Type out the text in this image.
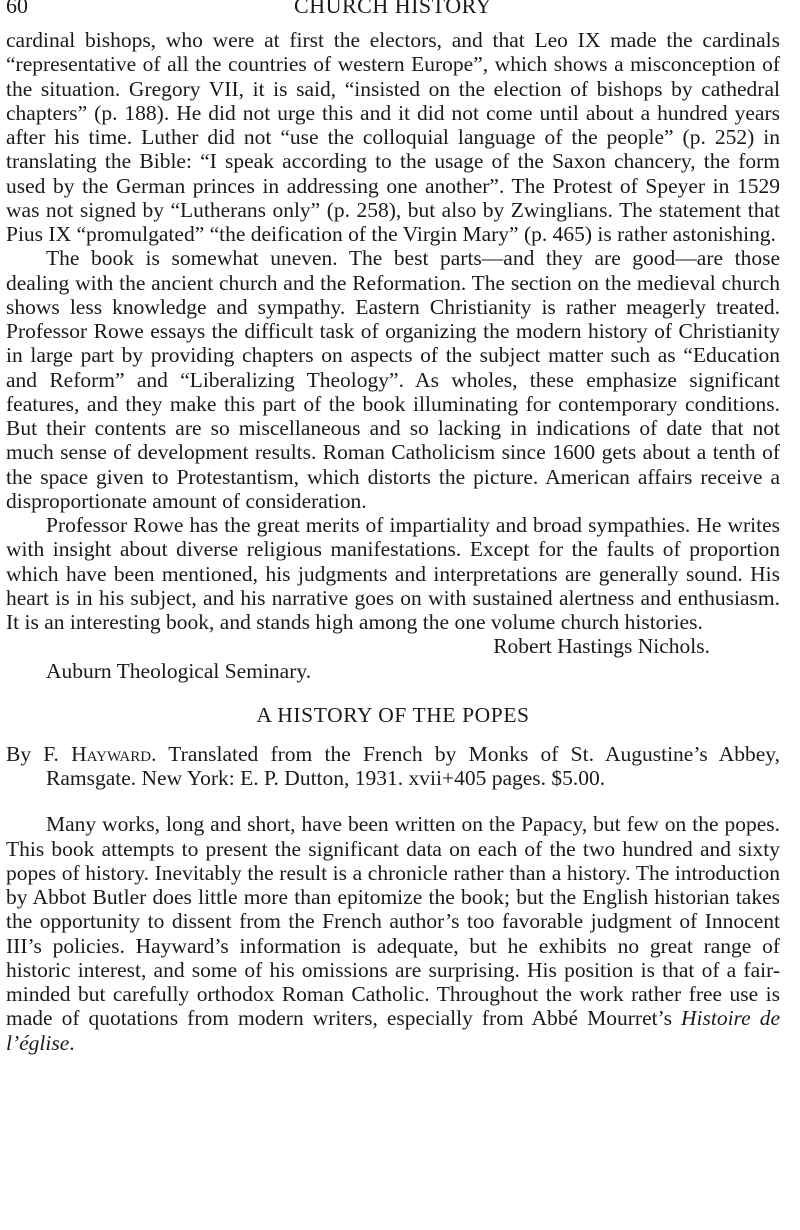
60	CHURCH HISTORY

cardinal bishops, who were at first the electors, and that Leo IX made the cardinals “representative of all the countries of western Europe”, which shows a misconception of the situation. Gregory VII, it is said, “insisted on the election of bishops by cathedral chapters” (p. 188). He did not urge this and it did not come until about a hundred years after his time. Luther did not “use the colloquial language of the people” (p. 252) in translating the Bible: “I speak according to the usage of the Saxon chancery, the form used by the German princes in addressing one another”. The Protest of Speyer in 1529 was not signed by “Lutherans only” (p. 258), but also by Zwinglians. The statement that Pius IX “promulgated” “the deification of the Virgin Mary” (p. 465) is rather astonishing.

The book is somewhat uneven. The best parts—and they are good—are those dealing with the ancient church and the Reformation. The section on the medieval church shows less knowledge and sympathy. Eastern Christianity is rather meagerly treated. Professor Rowe essays the difficult task of organizing the modern history of Christianity in large part by providing chapters on aspects of the subject matter such as “Education and Reform” and “Liberalizing Theology”. As wholes, these emphasize significant features, and they make this part of the book illuminating for contemporary conditions. But their contents are so miscellaneous and so lacking in indications of date that not much sense of development results. Roman Catholicism since 1600 gets about a tenth of the space given to Protestantism, which distorts the picture. American affairs receive a disproportionate amount of consideration.

Professor Rowe has the great merits of impartiality and broad sympathies. He writes with insight about diverse religious manifestations. Except for the faults of proportion which have been mentioned, his judgments and interpretations are generally sound. His heart is in his subject, and his narrative goes on with sustained alertness and enthusiasm. It is an interesting book, and stands high among the one volume church histories.

Robert Hastings Nichols.

Auburn Theological Seminary.

A HISTORY OF THE POPES

By F. Hayward. Translated from the French by Monks of St. Augustine’s Abbey, Ramsgate. New York: E. P. Dutton, 1931. xvii+405 pages. $5.00.

Many works, long and short, have been written on the Papacy, but few on the popes. This book attempts to present the significant data on each of the two hundred and sixty popes of history. Inevitably the result is a chronicle rather than a history. The introduction by Abbot Butler does little more than epitomize the book; but the English historian takes the opportunity to dissent from the French author’s too favorable judgment of Innocent III’s policies. Hayward’s information is adequate, but he exhibits no great range of historic interest, and some of his omissions are surprising. His position is that of a fair-minded but carefully orthodox Roman Catholic. Throughout the work rather free use is made of quotations from modern writers, especially from Abbé Mourret’s Histoire de l’église.
